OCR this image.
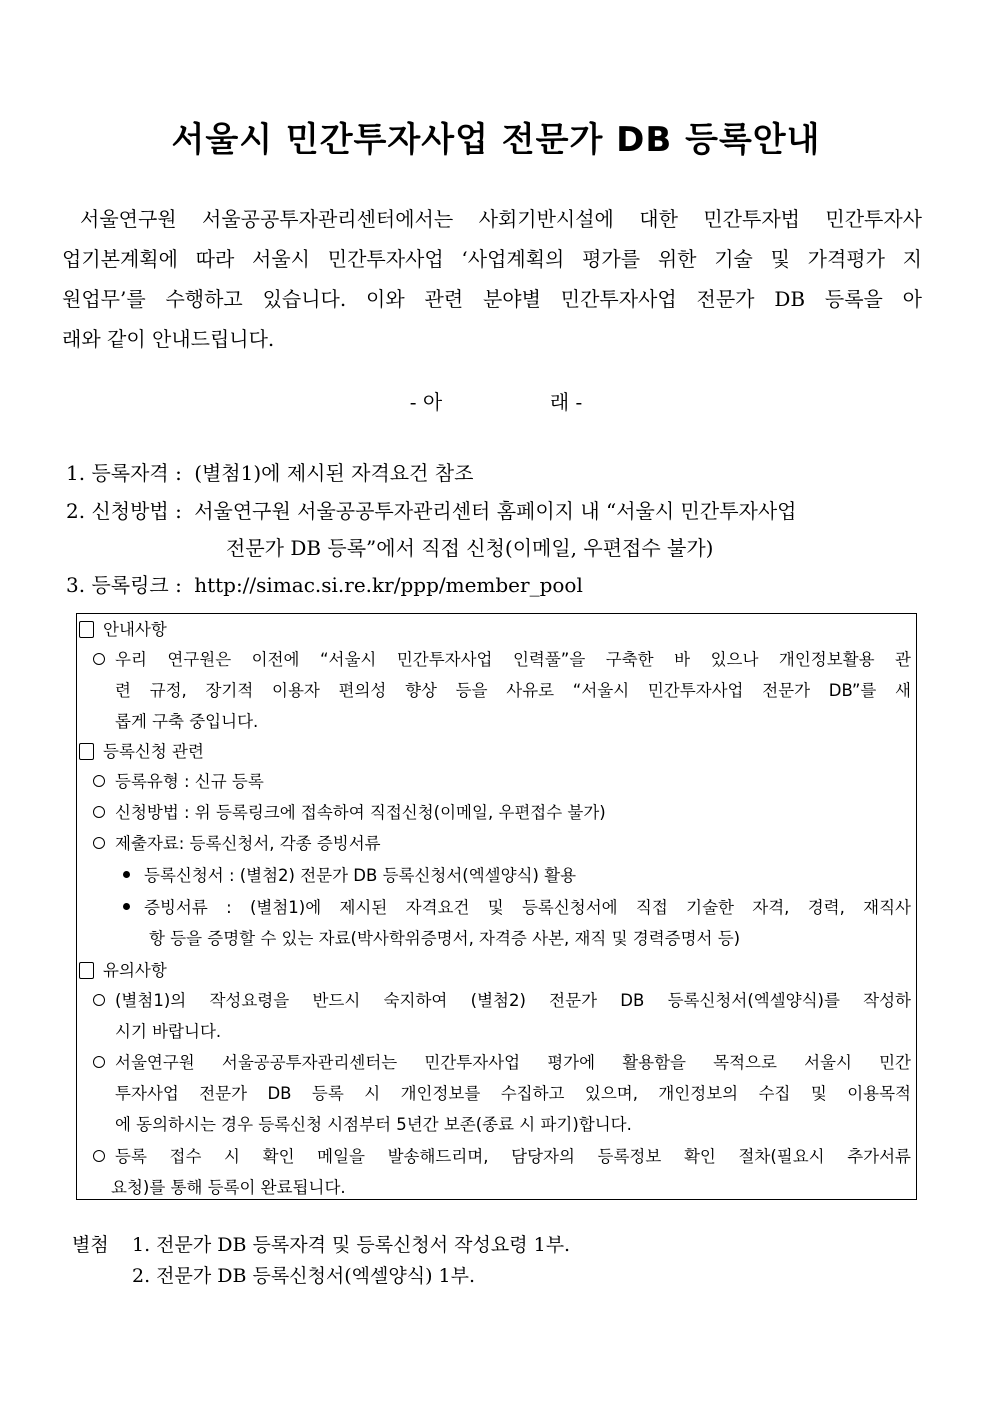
서울시 민간투자사업 전문가 DB 등록안내
서울연구원 서울공공투자관리센터에서는 사회기반시설에 대한 민간투자법 민간투자사
업기본계획에 따라 서울시 민간투자사업 ‘사업계획의 평가를 위한 기술 및 가격평가 지
원업무’를 수행하고 있습니다. 이와 관련 분야별 민간투자사업 전문가 DB 등록을 아
래와 같이 안내드립니다.
- 아	래 -
1. 등록자격 : (별첨1)에 제시된 자격요건 참조
2. 신청방법 : 서울연구원 서울공공투자관리센터 홈페이지 내 “서울시 민간투자사업
전문가 DB 등록”에서 직접 신청(이메일, 우편접수 불가)
3. 등록링크 : http://simac.si.re.kr/ppp/member_pool
안내사항
우리 연구원은 이전에 “서울시 민간투자사업 인력풀”을 구축한 바 있으나 개인정보활용 관
련 규정, 장기적 이용자 편의성 향상 등을 사유로 “서울시 민간투자사업 전문가 DB”를 새
롭게 구축 중입니다.
등록신청 관련
등록유형 : 신규 등록
신청방법 : 위 등록링크에 접속하여 직접신청(이메일, 우편접수 불가)
제출자료: 등록신청서, 각종 증빙서류
등록신청서 : (별첨2) 전문가 DB 등록신청서(엑셀양식) 활용
증빙서류 : (별첨1)에 제시된 자격요건 및 등록신청서에 직접 기술한 자격, 경력, 재직사
항 등을 증명할 수 있는 자료(박사학위증명서, 자격증 사본, 재직 및 경력증명서 등)
유의사항
(별첨1)의 작성요령을 반드시 숙지하여 (별첨2) 전문가 DB 등록신청서(엑셀양식)를 작성하
시기 바랍니다.
서울연구원 서울공공투자관리센터는 민간투자사업 평가에 활용함을 목적으로 서울시 민간
투자사업 전문가 DB 등록 시 개인정보를 수집하고 있으며, 개인정보의 수집 및 이용목적
에 동의하시는 경우 등록신청 시점부터 5년간 보존(종료 시 파기)합니다.
등록 접수 시 확인 메일을 발송해드리며, 담당자의 등록정보 확인 절차(필요시 추가서류
요청)를 통해 등록이 완료됩니다.
별첨 1. 전문가 DB 등록자격 및 등록신청서 작성요령 1부.
2. 전문가 DB 등록신청서(엑셀양식) 1부.
